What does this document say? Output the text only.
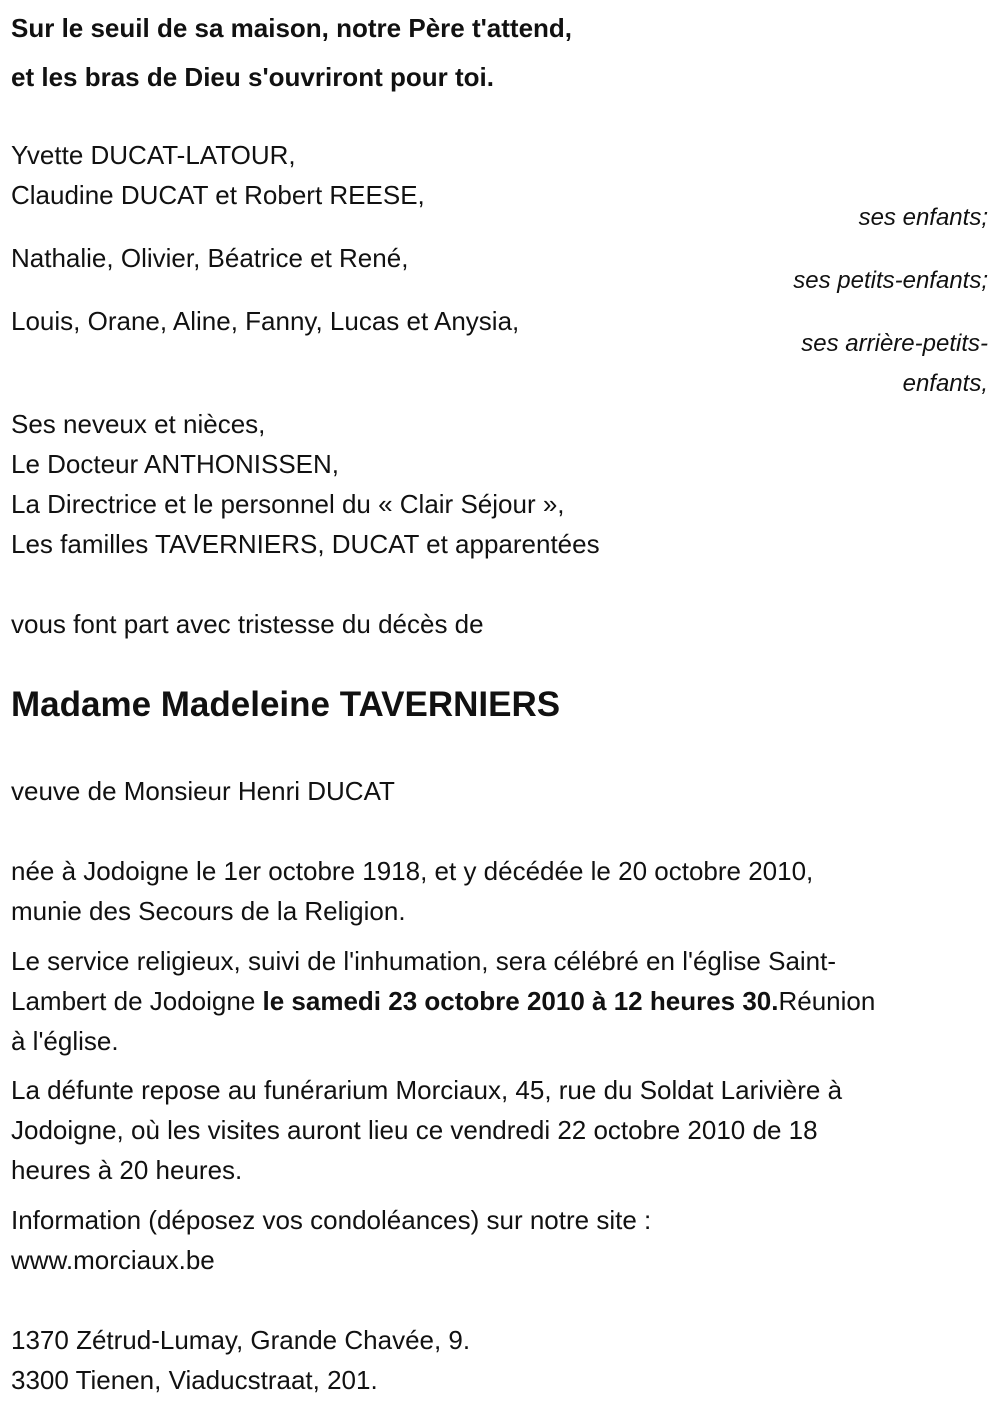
Sur le seuil de sa maison, notre Père t'attend,
et les bras de Dieu s'ouvriront pour toi.
Yvette DUCAT-LATOUR,
Claudine DUCAT et Robert REESE,
ses enfants;
Nathalie, Olivier, Béatrice et René,
ses petits-enfants;
Louis, Orane, Aline, Fanny, Lucas et Anysia,
ses arrière-petits-
enfants,
Ses neveux et nièces,
Le Docteur ANTHONISSEN,
La Directrice et le personnel du « Clair Séjour »,
Les familles TAVERNIERS, DUCAT et apparentées
vous font part avec tristesse du décès de
Madame Madeleine TAVERNIERS
veuve de Monsieur Henri DUCAT
née à Jodoigne le 1er octobre 1918, et y décédée le 20 octobre 2010,
munie des Secours de la Religion.
Le service religieux, suivi de l'inhumation, sera célébré en l'église Saint-
Lambert de Jodoigne le samedi 23 octobre 2010 à 12 heures 30.Réunion
à l'église.
La défunte repose au funérarium Morciaux, 45, rue du Soldat Larivière à
Jodoigne, où les visites auront lieu ce vendredi 22 octobre 2010 de 18
heures à 20 heures.
Information (déposez vos condoléances) sur notre site :
www.morciaux.be
1370 Zétrud-Lumay, Grande Chavée, 9.
3300 Tienen, Viaducstraat, 201.
